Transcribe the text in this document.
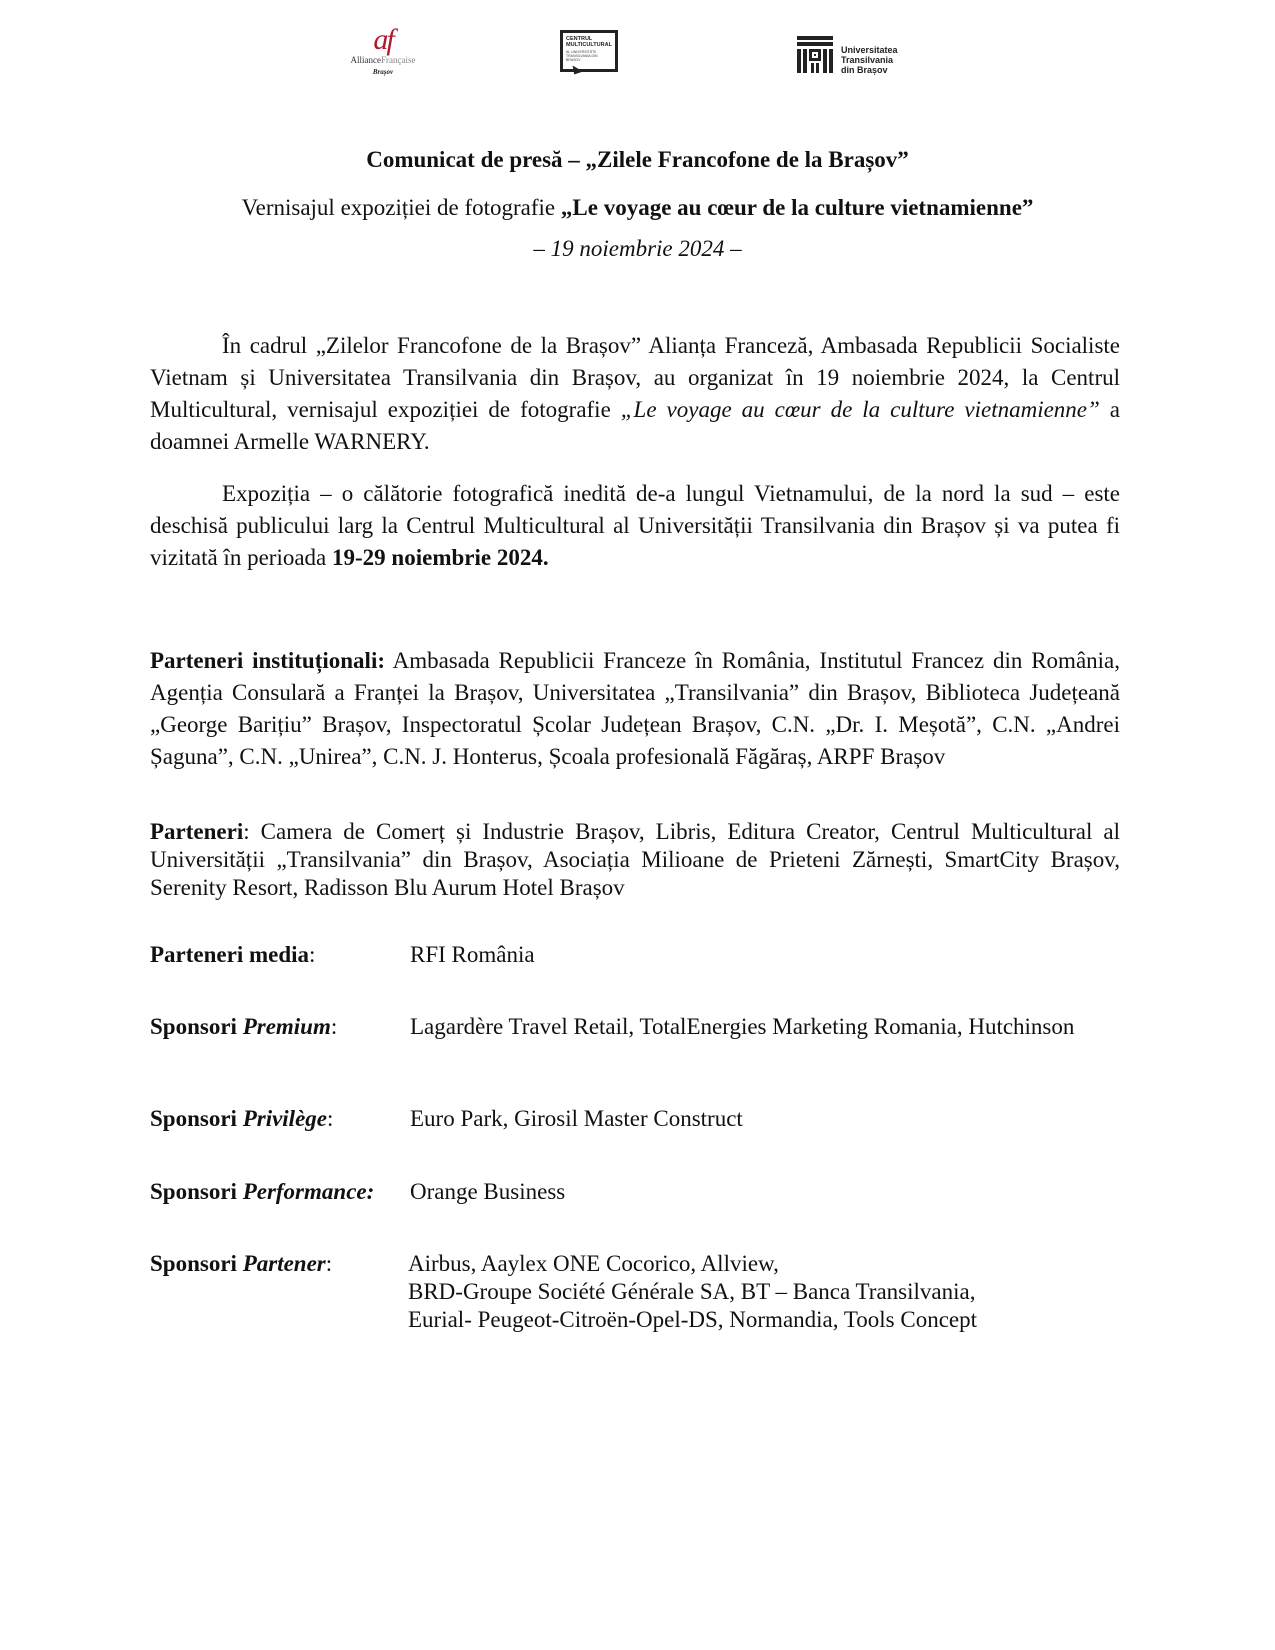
af
AllianceFrançaise
Brașov
CENTRUL
MULTICULTURAL
AL UNIVERSITĂȚII TRANSILVANIA DIN BRAȘOV
Universitatea
Transilvania
din Brașov
Comunicat de presă – „Zilele Francofone de la Brașov”
Vernisajul expoziției de fotografie „Le voyage au cœur de la culture vietnamienne”
– 19 noiembrie 2024 –
În cadrul „Zilelor Francofone de la Brașov” Alianța Franceză, Ambasada Republicii Socialiste Vietnam și Universitatea Transilvania din Brașov, au organizat în 19 noiembrie 2024, la Centrul Multicultural, vernisajul expoziției de fotografie „Le voyage au cœur de la culture vietnamienne” a doamnei Armelle WARNERY.
Expoziția – o călătorie fotografică inedită de-a lungul Vietnamului, de la nord la sud – este deschisă publicului larg la Centrul Multicultural al Universității Transilvania din Brașov și va putea fi vizitată în perioada 19-29 noiembrie 2024.
Parteneri instituționali: Ambasada Republicii Franceze în România, Institutul Francez din România, Agenția Consulară a Franței la Brașov, Universitatea „Transilvania” din Brașov, Biblioteca Județeană „George Barițiu” Brașov, Inspectoratul Școlar Județean Brașov, C.N. „Dr. I. Meșotă”, C.N. „Andrei Șaguna”, C.N. „Unirea”, C.N. J. Honterus, Școala profesională Făgăraș, ARPF Brașov
Parteneri: Camera de Comerț și Industrie Brașov, Libris, Editura Creator, Centrul Multicultural al Universității „Transilvania” din Brașov, Asociația Milioane de Prieteni Zărnești, SmartCity Brașov, Serenity Resort, Radisson Blu Aurum Hotel Brașov
Parteneri media:	RFI România
Sponsori Premium:	Lagardère Travel Retail, TotalEnergies Marketing Romania, Hutchinson
Sponsori Privilège:	Euro Park, Girosil Master Construct
Sponsori Performance:	Orange Business
Sponsori Partener:	Airbus, Aaylex ONE Cocorico, Allview,
BRD-Groupe Société Générale SA, BT – Banca Transilvania,
Eurial- Peugeot-Citroën-Opel-DS, Normandia, Tools Concept
